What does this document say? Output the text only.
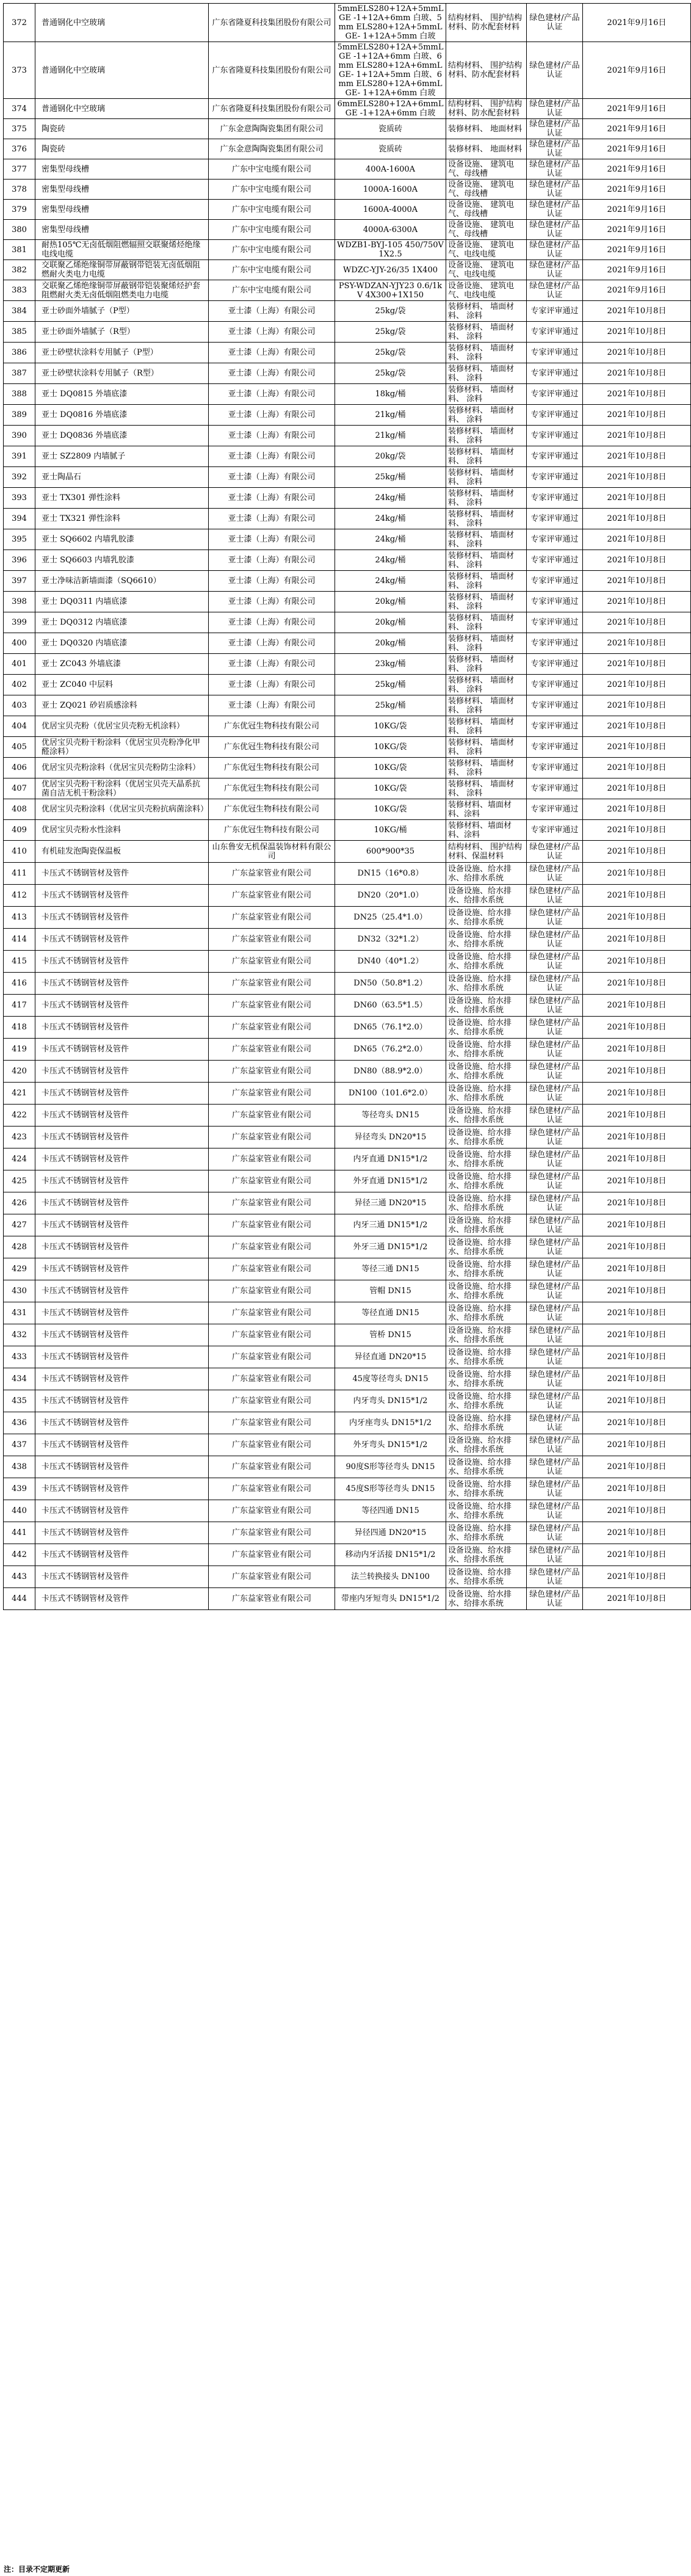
372	普通钢化中空玻璃	广东省隆夏科技集团股份有限公司	5mmELS280+12A+5mmLGE -1+12A+6mm 白玻、5mm ELS280+12A+5mmLGE- 1+12A+5mm 白玻	结构材料、 围护结构材料、防水配套材料	绿色建材/产品认证	2021年9月16日
373	普通钢化中空玻璃	广东省隆夏科技集团股份有限公司	5mmELS280+12A+5mmLGE -1+12A+6mm 白玻、6mm ELS280+12A+6mmLGE- 1+12A+5mm 白玻、6mm ELS280+12A+6mmLGE- 1+12A+6mm 白玻	结构材料、 围护结构材料、防水配套材料	绿色建材/产品认证	2021年9月16日
374	普通钢化中空玻璃	广东省隆夏科技集团股份有限公司	6mmELS280+12A+6mmLGE -1+12A+6mm 白玻	结构材料、 围护结构材料、防水配套材料	绿色建材/产品认证	2021年9月16日
375	陶瓷砖	广东金意陶陶瓷集团有限公司	瓷质砖	装修材料、 地面材料	绿色建材/产品认证	2021年9月16日
376	陶瓷砖	广东金意陶陶瓷集团有限公司	瓷质砖	装修材料、 地面材料	绿色建材/产品认证	2021年9月16日
377	密集型母线槽	广东中宝电缆有限公司	400A-1600A	设备设施、 建筑电气、母线槽	绿色建材/产品认证	2021年9月16日
378	密集型母线槽	广东中宝电缆有限公司	1000A-1600A	设备设施、 建筑电气、母线槽	绿色建材/产品认证	2021年9月16日
379	密集型母线槽	广东中宝电缆有限公司	1600A-4000A	设备设施、 建筑电气、母线槽	绿色建材/产品认证	2021年9月16日
380	密集型母线槽	广东中宝电缆有限公司	4000A-6300A	设备设施、 建筑电气、母线槽	绿色建材/产品认证	2021年9月16日
381	耐热105℃无卤低烟阻燃辐照交联聚烯烃绝缘电线电缆	广东中宝电缆有限公司	WDZB1-BYJ-105 450/750V 1X2.5	设备设施、 建筑电气、电线电缆	绿色建材/产品认证	2021年9月16日
382	交联聚乙烯绝缘铜带屏蔽钢带铠装无卤低烟阻燃耐火类电力电缆	广东中宝电缆有限公司	WDZC-YJY-26/35 1X400	设备设施、 建筑电气、电线电缆	绿色建材/产品认证	2021年9月16日
383	交联聚乙烯绝缘铜带屏蔽钢带铠装聚烯烃护套阻燃耐火类无卤低烟阻燃类电力电缆	广东中宝电缆有限公司	PSY-WDZAN-YJY23 0.6/1kV 4X300+1X150	设备设施、 建筑电气、电线电缆	绿色建材/产品认证	2021年9月16日
384	亚士砂面外墙腻子（P型）	亚士漆（上海）有限公司	25kg/袋	装修材料、 墙面材料、 涂料	专家评审通过	2021年10月8日
385	亚士砂面外墙腻子（R型）	亚士漆（上海）有限公司	25kg/袋	装修材料、 墙面材料、 涂料	专家评审通过	2021年10月8日
386	亚士砂壁状涂料专用腻子（P型）	亚士漆（上海）有限公司	25kg/袋	装修材料、 墙面材料、 涂料	专家评审通过	2021年10月8日
387	亚士砂壁状涂料专用腻子（R型）	亚士漆（上海）有限公司	25kg/袋	装修材料、 墙面材料、 涂料	专家评审通过	2021年10月8日
388	亚士 DQ0815 外墙底漆	亚士漆（上海）有限公司	18kg/桶	装修材料、 墙面材料、 涂料	专家评审通过	2021年10月8日
389	亚士 DQ0816 外墙底漆	亚士漆（上海）有限公司	21kg/桶	装修材料、 墙面材料、 涂料	专家评审通过	2021年10月8日
390	亚士 DQ0836 外墙底漆	亚士漆（上海）有限公司	21kg/桶	装修材料、 墙面材料、 涂料	专家评审通过	2021年10月8日
391	亚士 SZ2809 内墙腻子	亚士漆（上海）有限公司	20kg/袋	装修材料、 墙面材料、 涂料	专家评审通过	2021年10月8日
392	亚士陶晶石	亚士漆（上海）有限公司	25kg/桶	装修材料、 墙面材料、 涂料	专家评审通过	2021年10月8日
393	亚士 TX301 弹性涂料	亚士漆（上海）有限公司	24kg/桶	装修材料、 墙面材料、 涂料	专家评审通过	2021年10月8日
394	亚士 TX321 弹性涂料	亚士漆（上海）有限公司	24kg/桶	装修材料、 墙面材料、 涂料	专家评审通过	2021年10月8日
395	亚士 SQ6602 内墙乳胶漆	亚士漆（上海）有限公司	24kg/桶	装修材料、 墙面材料、 涂料	专家评审通过	2021年10月8日
396	亚士 SQ6603 内墙乳胶漆	亚士漆（上海）有限公司	24kg/桶	装修材料、 墙面材料、 涂料	专家评审通过	2021年10月8日
397	亚士净味洁新墙面漆（SQ6610）	亚士漆（上海）有限公司	24kg/桶	装修材料、 墙面材料、 涂料	专家评审通过	2021年10月8日
398	亚士 DQ0311 内墙底漆	亚士漆（上海）有限公司	20kg/桶	装修材料、 墙面材料、 涂料	专家评审通过	2021年10月8日
399	亚士 DQ0312 内墙底漆	亚士漆（上海）有限公司	20kg/桶	装修材料、 墙面材料、 涂料	专家评审通过	2021年10月8日
400	亚士 DQ0320 内墙底漆	亚士漆（上海）有限公司	20kg/桶	装修材料、 墙面材料、 涂料	专家评审通过	2021年10月8日
401	亚士 ZC043 外墙底漆	亚士漆（上海）有限公司	23kg/桶	装修材料、 墙面材料、 涂料	专家评审通过	2021年10月8日
402	亚士 ZC040 中层料	亚士漆（上海）有限公司	25kg/桶	装修材料、 墙面材料、 涂料	专家评审通过	2021年10月8日
403	亚士 ZQ021 砂岩质感涂料	亚士漆（上海）有限公司	25kg/桶	装修材料、 墙面材料、 涂料	专家评审通过	2021年10月8日
404	优居宝贝壳粉（优居宝贝壳粉无机涂料）	广东优冠生物科技有限公司	10KG/袋	装修材料、 墙面材料、 涂料	专家评审通过	2021年10月8日
405	优居宝贝壳粉干粉涂料（优居宝贝壳粉净化甲醛涂料）	广东优冠生物科技有限公司	10KG/袋	装修材料、 墙面材料、 涂料	专家评审通过	2021年10月8日
406	优居宝贝壳粉涂料（优居宝贝壳粉防尘涂料）	广东优冠生物科技有限公司	10KG/袋	装修材料、 墙面材料、 涂料	专家评审通过	2021年10月8日
407	优居宝贝壳粉干粉涂料（优居宝贝壳天晶系抗菌自洁无机干粉涂料）	广东优冠生物科技有限公司	10KG/袋	装修材料、 墙面材料、 涂料	专家评审通过	2021年10月8日
408	优居宝贝壳粉涂料（优居宝贝壳粉抗病菌涂料）	广东优冠生物科技有限公司	10KG/袋	装修材料、墙面材料、涂料	专家评审通过	2021年10月8日
409	优居宝贝壳粉水性涂料	广东优冠生物科技有限公司	10KG/桶	装修材料、墙面材料、涂料	专家评审通过	2021年10月8日
410	有机硅发泡陶瓷保温板	山东鲁安无机保温装饰材料有限公司	600*900*35	结构材料、 围护结构材料、保温材料	绿色建材/产品认证	2021年10月8日
411	卡压式不锈钢管材及管件	广东益家管业有限公司	DN15（16*0.8）	设备设施、给水排水、给排水系统	绿色建材/产品认证	2021年10月8日
412	卡压式不锈钢管材及管件	广东益家管业有限公司	DN20（20*1.0）	设备设施、给水排水、给排水系统	绿色建材/产品认证	2021年10月8日
413	卡压式不锈钢管材及管件	广东益家管业有限公司	DN25（25.4*1.0）	设备设施、给水排水、给排水系统	绿色建材/产品认证	2021年10月8日
414	卡压式不锈钢管材及管件	广东益家管业有限公司	DN32（32*1.2）	设备设施、给水排水、给排水系统	绿色建材/产品认证	2021年10月8日
415	卡压式不锈钢管材及管件	广东益家管业有限公司	DN40（40*1.2）	设备设施、给水排水、给排水系统	绿色建材/产品认证	2021年10月8日
416	卡压式不锈钢管材及管件	广东益家管业有限公司	DN50（50.8*1.2）	设备设施、给水排水、给排水系统	绿色建材/产品认证	2021年10月8日
417	卡压式不锈钢管材及管件	广东益家管业有限公司	DN60（63.5*1.5）	设备设施、给水排水、给排水系统	绿色建材/产品认证	2021年10月8日
418	卡压式不锈钢管材及管件	广东益家管业有限公司	DN65（76.1*2.0）	设备设施、给水排水、给排水系统	绿色建材/产品认证	2021年10月8日
419	卡压式不锈钢管材及管件	广东益家管业有限公司	DN65（76.2*2.0）	设备设施、给水排水、给排水系统	绿色建材/产品认证	2021年10月8日
420	卡压式不锈钢管材及管件	广东益家管业有限公司	DN80（88.9*2.0）	设备设施、给水排水、给排水系统	绿色建材/产品认证	2021年10月8日
421	卡压式不锈钢管材及管件	广东益家管业有限公司	DN100（101.6*2.0）	设备设施、给水排水、给排水系统	绿色建材/产品认证	2021年10月8日
422	卡压式不锈钢管材及管件	广东益家管业有限公司	等径弯头 DN15	设备设施、给水排水、给排水系统	绿色建材/产品认证	2021年10月8日
423	卡压式不锈钢管材及管件	广东益家管业有限公司	异径弯头 DN20*15	设备设施、给水排水、给排水系统	绿色建材/产品认证	2021年10月8日
424	卡压式不锈钢管材及管件	广东益家管业有限公司	内牙直通 DN15*1/2	设备设施、给水排水、给排水系统	绿色建材/产品认证	2021年10月8日
425	卡压式不锈钢管材及管件	广东益家管业有限公司	外牙直通 DN15*1/2	设备设施、给水排水、给排水系统	绿色建材/产品认证	2021年10月8日
426	卡压式不锈钢管材及管件	广东益家管业有限公司	异径三通 DN20*15	设备设施、给水排水、给排水系统	绿色建材/产品认证	2021年10月8日
427	卡压式不锈钢管材及管件	广东益家管业有限公司	内牙三通 DN15*1/2	设备设施、给水排水、给排水系统	绿色建材/产品认证	2021年10月8日
428	卡压式不锈钢管材及管件	广东益家管业有限公司	外牙三通 DN15*1/2	设备设施、给水排水、给排水系统	绿色建材/产品认证	2021年10月8日
429	卡压式不锈钢管材及管件	广东益家管业有限公司	等径三通 DN15	设备设施、给水排水、给排水系统	绿色建材/产品认证	2021年10月8日
430	卡压式不锈钢管材及管件	广东益家管业有限公司	管帽 DN15	设备设施、给水排水、给排水系统	绿色建材/产品认证	2021年10月8日
431	卡压式不锈钢管材及管件	广东益家管业有限公司	等径直通 DN15	设备设施、给水排水、给排水系统	绿色建材/产品认证	2021年10月8日
432	卡压式不锈钢管材及管件	广东益家管业有限公司	管桥 DN15	设备设施、给水排水、给排水系统	绿色建材/产品认证	2021年10月8日
433	卡压式不锈钢管材及管件	广东益家管业有限公司	异径直通 DN20*15	设备设施、给水排水、给排水系统	绿色建材/产品认证	2021年10月8日
434	卡压式不锈钢管材及管件	广东益家管业有限公司	45度等径弯头 DN15	设备设施、给水排水、给排水系统	绿色建材/产品认证	2021年10月8日
435	卡压式不锈钢管材及管件	广东益家管业有限公司	内牙弯头 DN15*1/2	设备设施、给水排水、给排水系统	绿色建材/产品认证	2021年10月8日
436	卡压式不锈钢管材及管件	广东益家管业有限公司	内牙座弯头 DN15*1/2	设备设施、给水排水、给排水系统	绿色建材/产品认证	2021年10月8日
437	卡压式不锈钢管材及管件	广东益家管业有限公司	外牙弯头 DN15*1/2	设备设施、给水排水、给排水系统	绿色建材/产品认证	2021年10月8日
438	卡压式不锈钢管材及管件	广东益家管业有限公司	90度S形等径弯头 DN15	设备设施、给水排水、给排水系统	绿色建材/产品认证	2021年10月8日
439	卡压式不锈钢管材及管件	广东益家管业有限公司	45度S形等径弯头 DN15	设备设施、给水排水、给排水系统	绿色建材/产品认证	2021年10月8日
440	卡压式不锈钢管材及管件	广东益家管业有限公司	等径四通 DN15	设备设施、给水排水、给排水系统	绿色建材/产品认证	2021年10月8日
441	卡压式不锈钢管材及管件	广东益家管业有限公司	异径四通 DN20*15	设备设施、给水排水、给排水系统	绿色建材/产品认证	2021年10月8日
442	卡压式不锈钢管材及管件	广东益家管业有限公司	移动内牙活接 DN15*1/2	设备设施、给水排水、给排水系统	绿色建材/产品认证	2021年10月8日
443	卡压式不锈钢管材及管件	广东益家管业有限公司	法兰转换接头 DN100	设备设施、给水排水、给排水系统	绿色建材/产品认证	2021年10月8日
444	卡压式不锈钢管材及管件	广东益家管业有限公司	带座内牙短弯头 DN15*1/2	设备设施、给水排水、给排水系统	绿色建材/产品认证	2021年10月8日
注：目录不定期更新
